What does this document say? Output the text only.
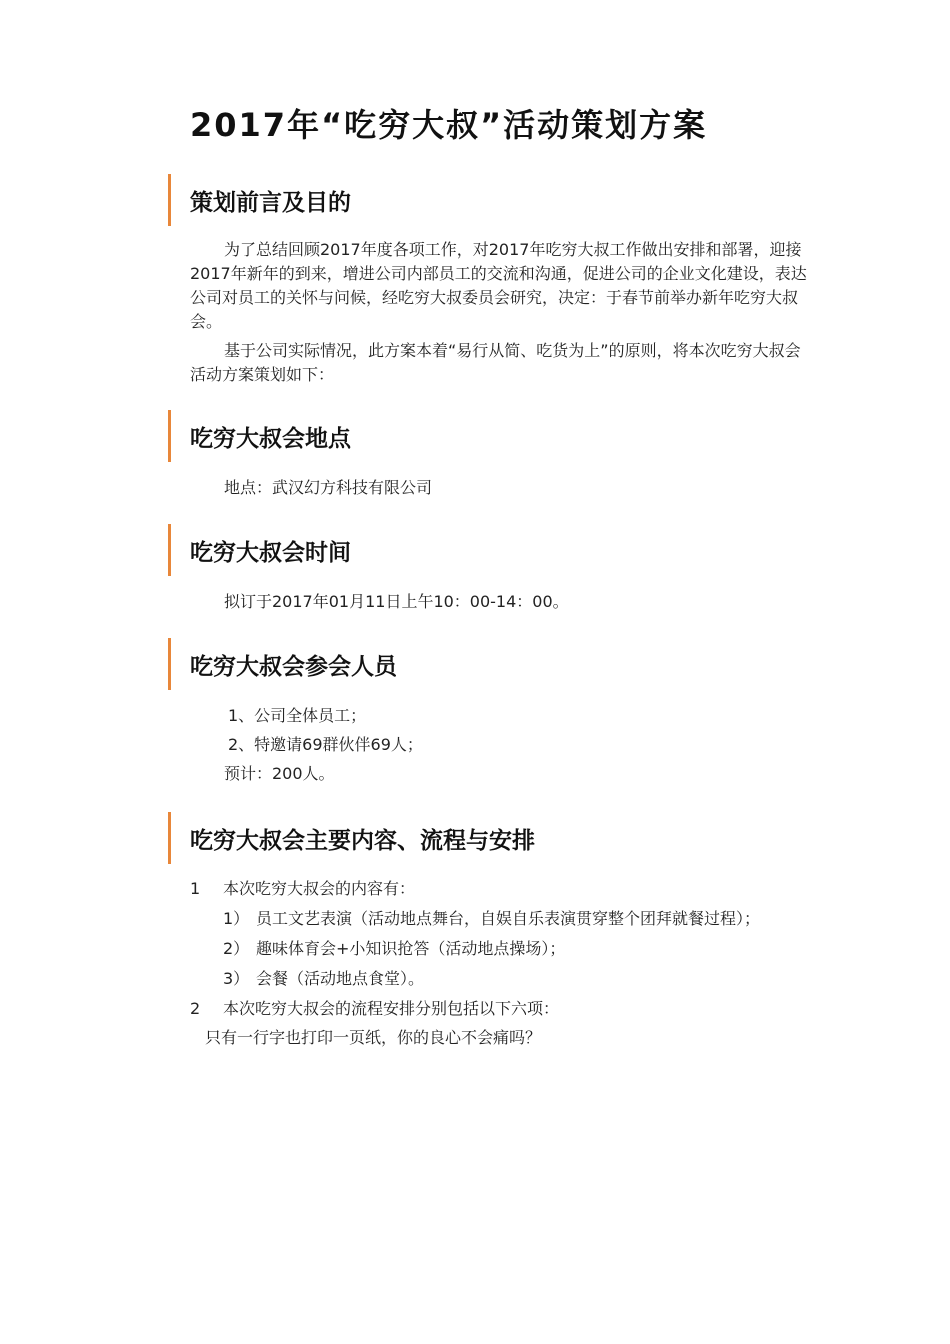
2017年“吃穷大叔”活动策划方案
策划前言及目的

为了总结回顾2017年度各项工作，对2017年吃穷大叔工作做出安排和部署，迎接2017年新年的到来，增进公司内部员工的交流和沟通，促进公司的企业文化建设，表达公司对员工的关怀与问候，经吃穷大叔委员会研究，决定：于春节前举办新年吃穷大叔会。

基于公司实际情况，此方案本着“易行从简、吃货为上”的原则，将本次吃穷大叔会活动方案策划如下：

吃穷大叔会地点
地点：武汉幻方科技有限公司
吃穷大叔会时间
拟订于2017年01月11日上午10：00-14：00。
吃穷大叔会参会人员
1、公司全体员工；
2、特邀请69群伙伴69人；
预计：200人。
吃穷大叔会主要内容、流程与安排
1	本次吃穷大叔会的内容有：
1） 员工文艺表演（活动地点舞台，自娱自乐表演贯穿整个团拜就餐过程）；
2） 趣味体育会+小知识抢答（活动地点操场）；
3） 会餐（活动地点食堂）。
2	本次吃穷大叔会的流程安排分别包括以下六项：
只有一行字也打印一页纸，你的良心不会痛吗？
